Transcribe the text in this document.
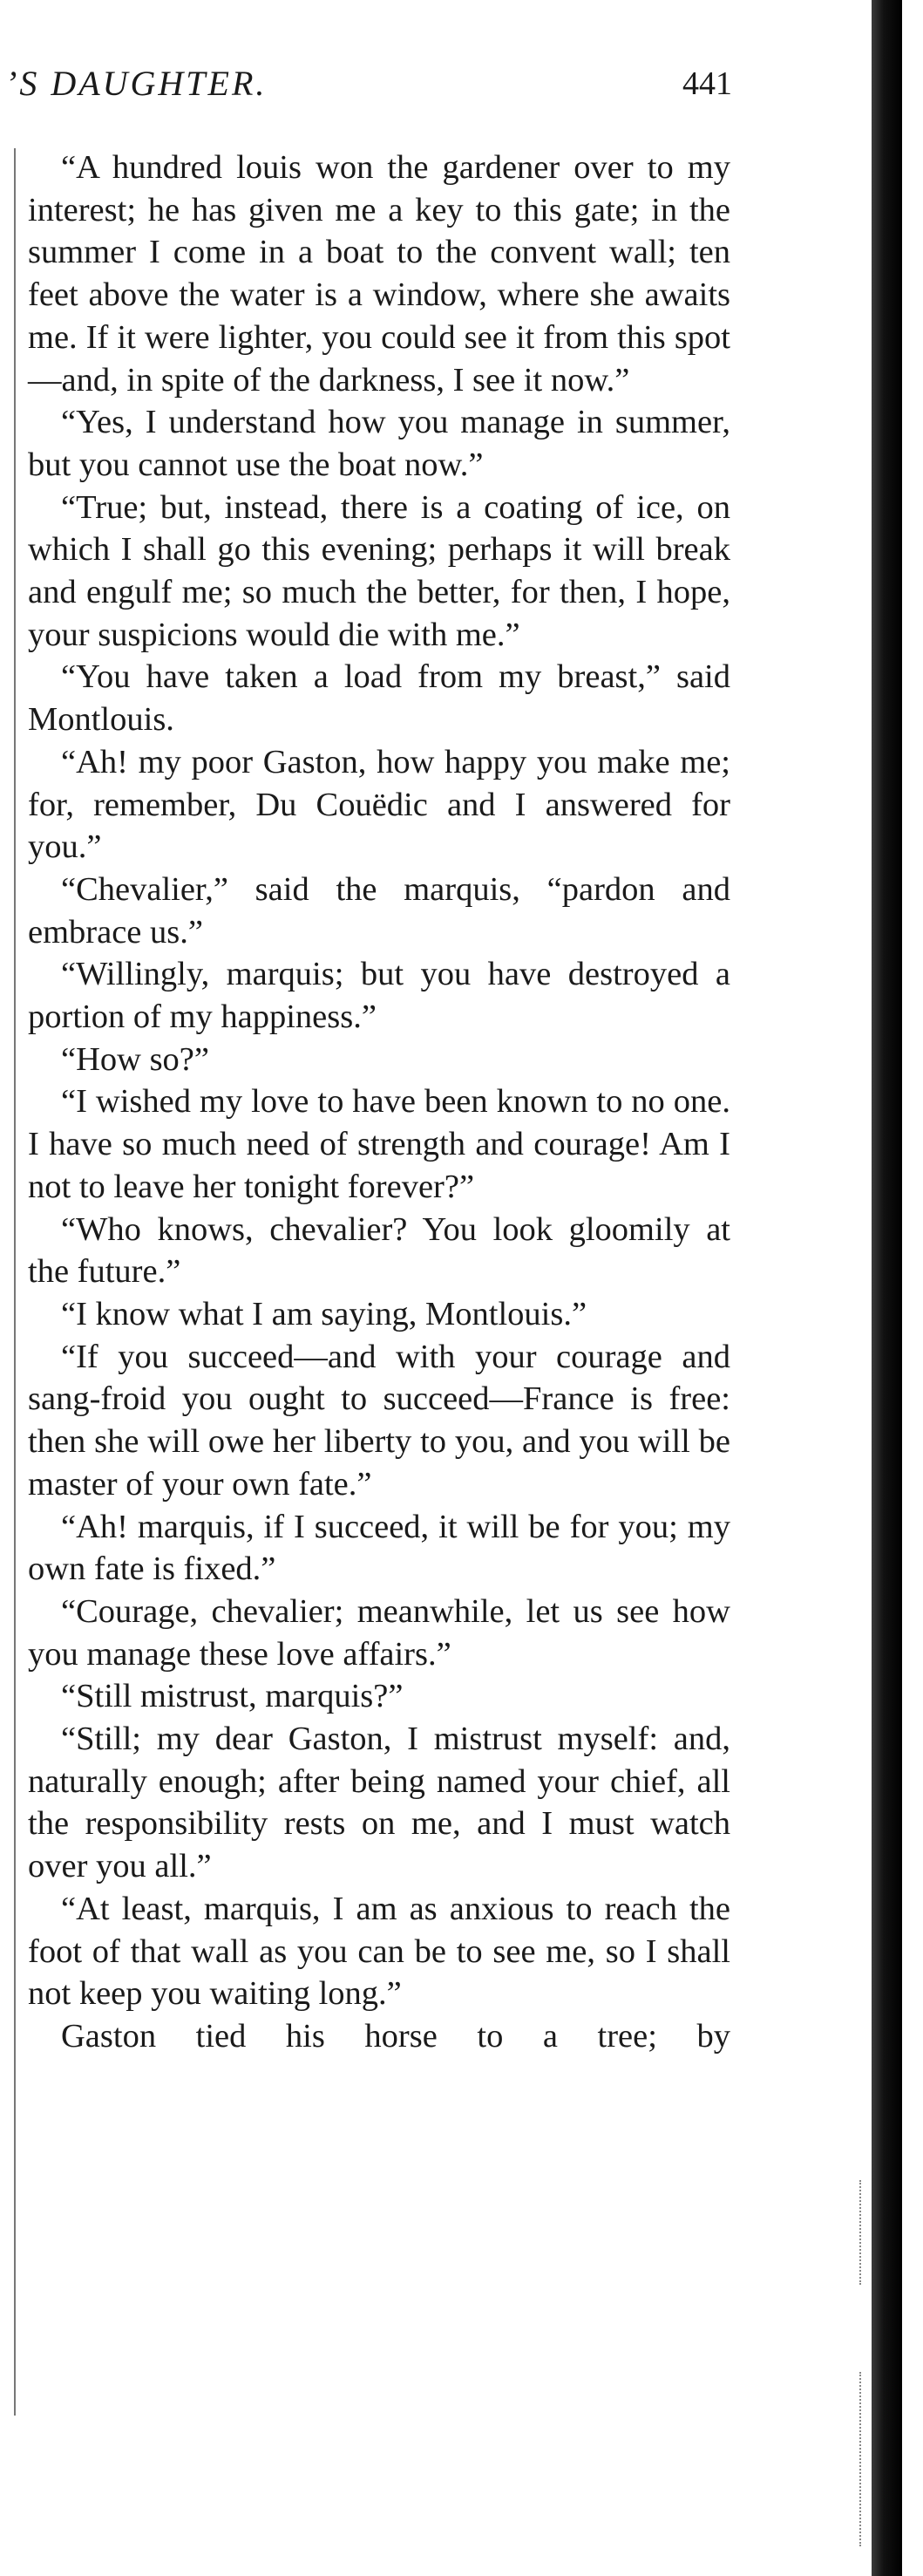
’S DAUGHTER.	441

“A hundred louis won the gardener over to my interest; he has given me a key to this gate; in the summer I come in a boat to the convent wall; ten feet above the water is a window, where she awaits me. If it were lighter, you could see it from this spot—and, in spite of the darkness, I see it now.”

“Yes, I understand how you manage in summer, but you cannot use the boat now.”

“True; but, instead, there is a coating of ice, on which I shall go this evening; perhaps it will break and engulf me; so much the better, for then, I hope, your suspicions would die with me.”

“You have taken a load from my breast,” said Montlouis.

“Ah! my poor Gaston, how happy you make me; for, remember, Du Couëdic and I answered for you.”

“Chevalier,” said the marquis, “pardon and embrace us.”

“Willingly, marquis; but you have destroyed a portion of my happiness.”

“How so?”

“I wished my love to have been known to no one. I have so much need of strength and courage! Am I not to leave her tonight forever?”

“Who knows, chevalier? You look gloomily at the future.”

“I know what I am saying, Montlouis.”

“If you succeed—and with your courage and sang-froid you ought to succeed—France is free: then she will owe her liberty to you, and you will be master of your own fate.”

“Ah! marquis, if I succeed, it will be for you; my own fate is fixed.”

“Courage, chevalier; meanwhile, let us see how you manage these love affairs.”

“Still mistrust, marquis?”

“Still; my dear Gaston, I mistrust myself: and, naturally enough; after being named your chief, all the responsibility rests on me, and I must watch over you all.”

“At least, marquis, I am as anxious to reach the foot of that wall as you can be to see me, so I shall not keep you waiting long.”

Gaston tied his horse to a tree; by
